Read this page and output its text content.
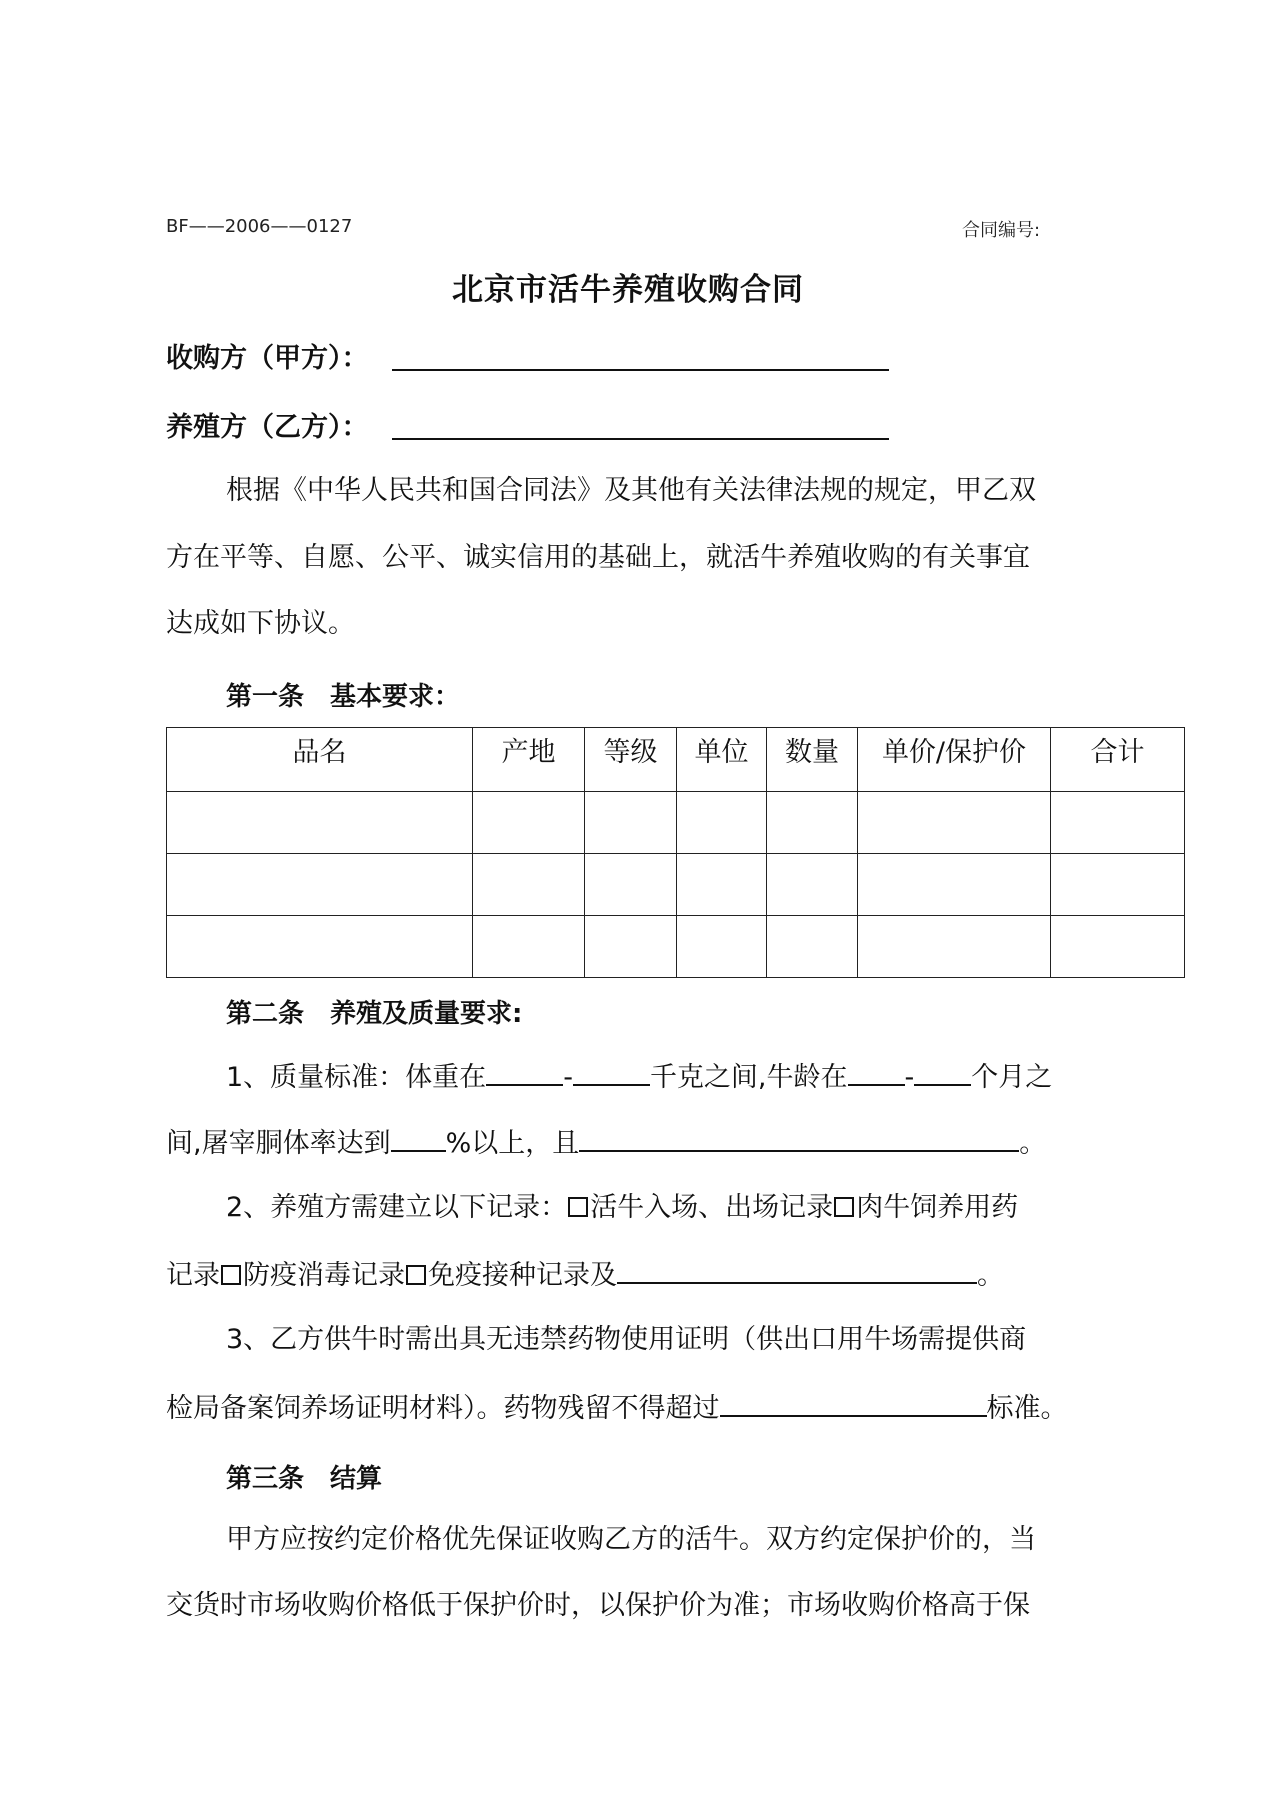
BF——2006——0127	合同编号:
北京市活牛养殖收购合同
收购方（甲方）：
养殖方（乙方）：
根据《中华人民共和国合同法》及其他有关法律法规的规定，甲乙双
方在平等、自愿、公平、诚实信用的基础上，就活牛养殖收购的有关事宜
达成如下协议。
第一条　基本要求：
品名	产地	等级	单位	数量	单价/保护价	合计

第二条　养殖及质量要求:
1、质量标准：体重在	-	千克之间,牛龄在 - 个月之
间,屠宰胴体率达到 %以上，且	。
2、养殖方需建立以下记录： 活牛入场、出场记录 肉牛饲养用药
记录 防疫消毒记录 免疫接种记录及	。
3、乙方供牛时需出具无违禁药物使用证明（供出口用牛场需提供商
检局备案饲养场证明材料）。药物残留不得超过	标准。
第三条　结算
甲方应按约定价格优先保证收购乙方的活牛。双方约定保护价的，当
交货时市场收购价格低于保护价时，以保护价为准；市场收购价格高于保
